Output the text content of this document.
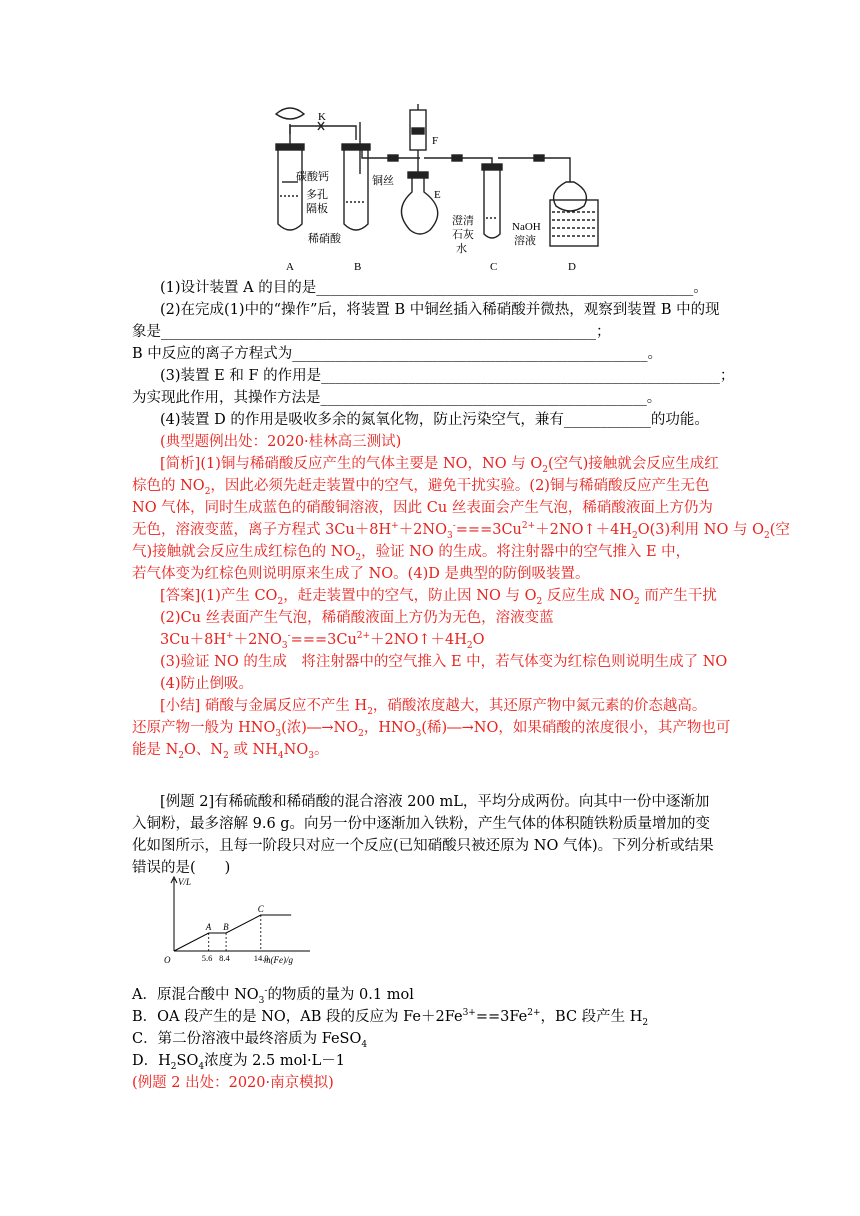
K
F
E
碳酸钙
多孔
隔板
稀硝酸
铜丝
澄清
石灰
水
NaOH
溶液
A	B	C	D
(1)设计装置 A 的目的是____________________________________________________。
(2)在完成(1)中的“操作”后，将装置 B 中铜丝插入稀硝酸并微热，观察到装置 B 中的现
象是____________________________________________________________；
B 中反应的离子方程式为_________________________________________________。
(3)装置 E 和 F 的作用是_______________________________________________________；
为实现此作用，其操作方法是_____________________________________________。
(4)装置 D 的作用是吸收多余的氮氧化物，防止污染空气，兼有____________的功能。
(典型题例出处：2020·桂林高三测试)
[简析](1)铜与稀硝酸反应产生的气体主要是 NO，NO 与 $O_2$(空气)接触就会反应生成红
棕色的 $NO_2$，因此必须先赶走装置中的空气，避免干扰实验。(2)铜与稀硝酸反应产生无色
NO 气体，同时生成蓝色的硝酸铜溶液，因此 Cu 丝表面会产生气泡，稀硝酸液面上方仍为
无色，溶液变蓝，离子方程式 $3Cu+8H^++2NO_3^-===3Cu^{2+}+2NO↑+4H_2O(3)$利用 NO 与 $O_2$(空
气)接触就会反应生成红棕色的 $NO_2$，验证 NO 的生成。将注射器中的空气推入 E 中，
若气体变为红棕色则说明原来生成了 NO。(4)D 是典型的防倒吸装置。
[答案](1)产生 $CO_2$，赶走装置中的空气，防止因 NO 与 $O_2$ 反应生成 $NO_2$ 而产生干扰
(2)Cu 丝表面产生气泡，稀硝酸液面上方仍为无色，溶液变蓝
$3Cu+8H^++2NO_3^-===3Cu^{2+}+2NO↑+4H_2O$
(3)验证 NO 的生成　将注射器中的空气推入 E 中，若气体变为红棕色则说明生成了 NO
(4)防止倒吸。
[小结] 硝酸与金属反应不产生 $H_2$，硝酸浓度越大，其还原产物中氮元素的价态越高。
还原产物一般为 $HNO_3$(浓)$―\to NO_2$，$HNO_3$(稀)―→NO，如果硝酸的浓度很小，其产物也可
能是 $N_2O$、$N_2$ 或 $NH_4NO_3$。
[例题 2]有稀硫酸和稀硝酸的混合溶液 200 mL，平均分成两份。向其中一份中逐渐加
入铜粉，最多溶解 9.6 g。向另一份中逐渐加入铁粉，产生气体的体积随铁粉质量增加的变
化如图所示，且每一阶段只对应一个反应(已知硝酸只被还原为 NO 气体)。下列分析或结果
错误的是(　　)
A B
C
5.6 8.4	14.0
V/L
m(Fe)/g
O
A．原混合酸中 $NO_3^-$的物质的量为 0.1 mol
B．OA 段产生的是 NO，AB 段的反应为 $Fe+2Fe^{3+}==3Fe^{2+}$，BC 段产生 $H_2$
C．第二份溶液中最终溶质为 FeSO$_4$
D．$H_2SO_4$浓度为 2.5 mol·L－1
(例题 2 出处：2020·南京模拟)
